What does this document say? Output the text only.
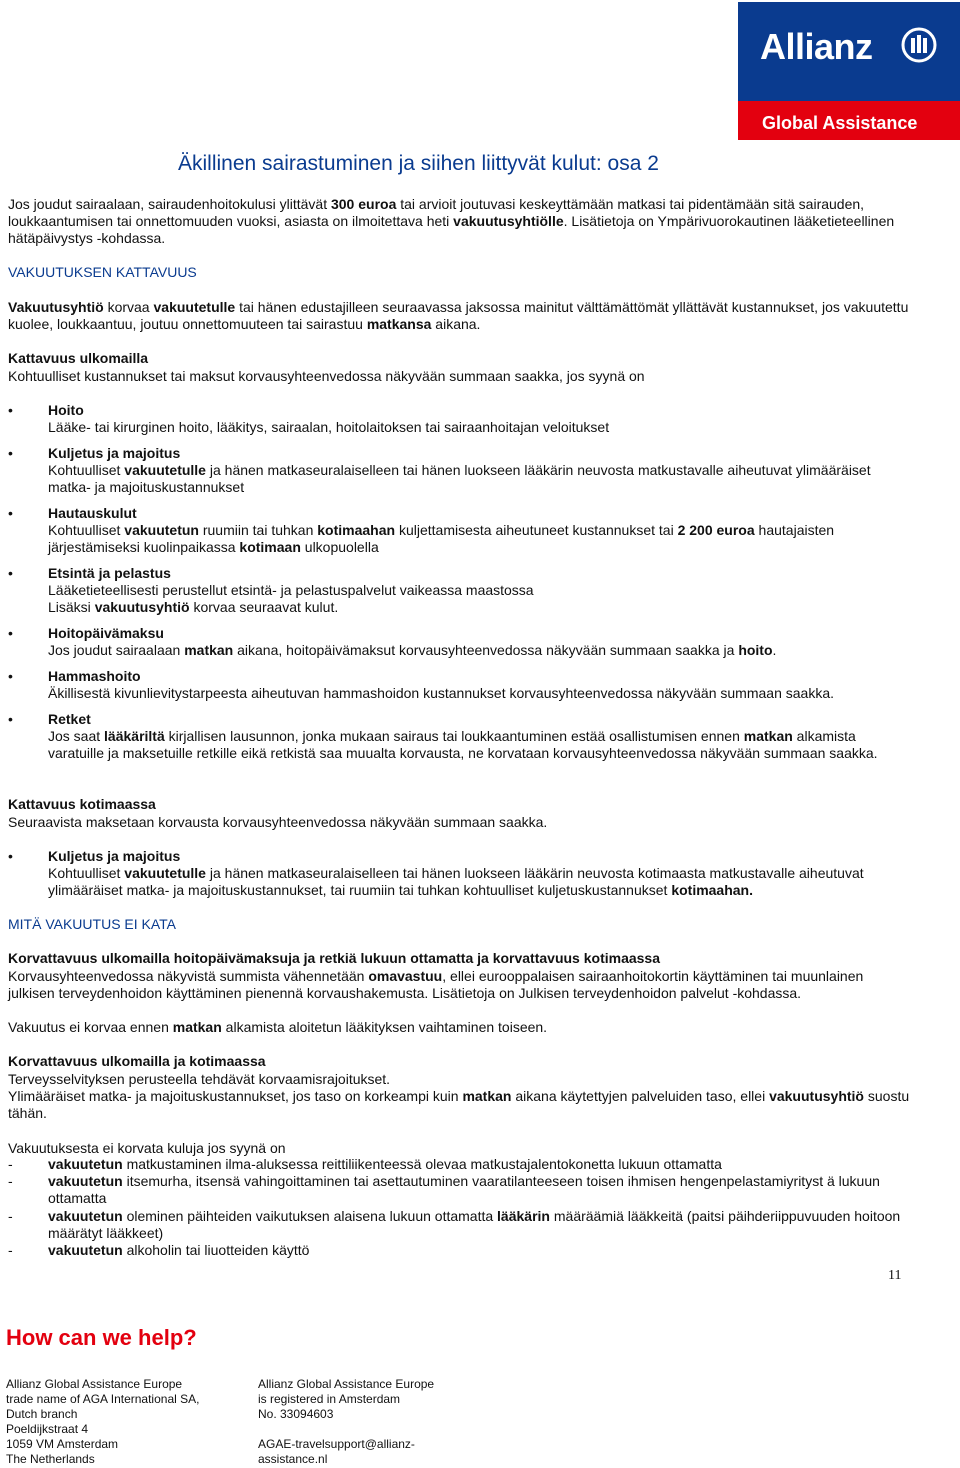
Allianz
Global Assistance
Äkillinen sairastuminen ja siihen liittyvät kulut: osa 2
Jos joudut sairaalaan, sairaudenhoitokulusi ylittävät 300 euroa tai arvioit joutuvasi keskeyttämään matkasi tai pidentämään sitä sairauden, loukkaantumisen tai onnettomuuden vuoksi, asiasta on ilmoitettava heti vakuutusyhtiölle. Lisätietoja on Ympärivuorokautinen lääketieteellinen hätäpäivystys -kohdassa.
VAKUUTUKSEN KATTAVUUS
Vakuutusyhtiö korvaa vakuutetulle tai hänen edustajilleen seuraavassa jaksossa mainitut välttämättömät yllättävät kustannukset, jos vakuutettu kuolee, loukkaantuu, joutuu onnettomuuteen tai sairastuu matkansa aikana.
Kattavuus ulkomailla
Kohtuulliset kustannukset tai maksut korvausyhteenvedossa näkyvään summaan saakka, jos syynä on
•	Hoito
Lääke- tai kirurginen hoito, lääkitys, sairaalan, hoitolaitoksen tai sairaanhoitajan veloitukset
•	Kuljetus ja majoitus
Kohtuulliset vakuutetulle ja hänen matkaseuralaiselleen tai hänen luokseen lääkärin neuvosta matkustavalle aiheutuvat ylimääräiset matka- ja majoituskustannukset
•	Hautauskulut
Kohtuulliset vakuutetun ruumiin tai tuhkan kotimaahan kuljettamisesta aiheutuneet kustannukset tai 2 200 euroa hautajaisten järjestämiseksi kuolinpaikassa kotimaan ulkopuolella
•	Etsintä ja pelastus
Lääketieteellisesti perustellut etsintä- ja pelastuspalvelut vaikeassa maastossa
Lisäksi vakuutusyhtiö korvaa seuraavat kulut.
•	Hoitopäivämaksu
Jos joudut sairaalaan matkan aikana, hoitopäivämaksut korvausyhteenvedossa näkyvään summaan saakka ja hoito.
•	Hammashoito
Äkillisestä kivunlievitystarpeesta aiheutuvan hammashoidon kustannukset korvausyhteenvedossa näkyvään summaan saakka.
•	Retket
Jos saat lääkäriltä kirjallisen lausunnon, jonka mukaan sairaus tai loukkaantuminen estää osallistumisen ennen matkan alkamista varatuille ja maksetuille retkille eikä retkistä saa muualta korvausta, ne korvataan korvausyhteenvedossa näkyvään summaan saakka.
Kattavuus kotimaassa
Seuraavista maksetaan korvausta korvausyhteenvedossa näkyvään summaan saakka.
•	Kuljetus ja majoitus
Kohtuulliset vakuutetulle ja hänen matkaseuralaiselleen tai hänen luokseen lääkärin neuvosta kotimaasta matkustavalle aiheutuvat ylimääräiset matka- ja majoituskustannukset, tai ruumiin tai tuhkan kohtuulliset kuljetuskustannukset kotimaahan.
MITÄ VAKUUTUS EI KATA
Korvattavuus ulkomailla hoitopäivämaksuja ja retkiä lukuun ottamatta ja korvattavuus kotimaassa
Korvausyhteenvedossa näkyvistä summista vähennetään omavastuu, ellei eurooppalaisen sairaanhoitokortin käyttäminen tai muunlainen julkisen terveydenhoidon käyttäminen pienennä korvaushakemusta. Lisätietoja on Julkisen terveydenhoidon palvelut -kohdassa.
Vakuutus ei korvaa ennen matkan alkamista aloitetun lääkityksen vaihtaminen toiseen.
Korvattavuus ulkomailla ja kotimaassa
Terveysselvityksen perusteella tehdävät korvaamisrajoitukset.
Ylimääräiset matka- ja majoituskustannukset, jos taso on korkeampi kuin matkan aikana käytettyjen palveluiden taso, ellei vakuutusyhtiö suostu tähän.
Vakuutuksesta ei korvata kuluja jos syynä on
-	vakuutetun matkustaminen ilma-aluksessa reittiliikenteessä olevaa matkustajalentokonetta lukuun ottamatta
-	vakuutetun itsemurha, itsensä vahingoittaminen tai asettautuminen vaaratilanteeseen toisen ihmisen hengenpelastamiyrityst ä lukuun ottamatta
-	vakuutetun oleminen päihteiden vaikutuksen alaisena lukuun ottamatta lääkärin määräämiä lääkkeitä (paitsi päihderiippuvuuden hoitoon määrätyt lääkkeet)
-	vakuutetun alkoholin tai liuotteiden käyttö
11
How can we help?
Allianz Global Assistance Europe
trade name of AGA International SA,
Dutch branch
Poeldijkstraat 4
1059 VM Amsterdam
The Netherlands
Allianz Global Assistance Europe
is registered in Amsterdam
No. 33094603

AGAE-travelsupport@allianz-
assistance.nl
